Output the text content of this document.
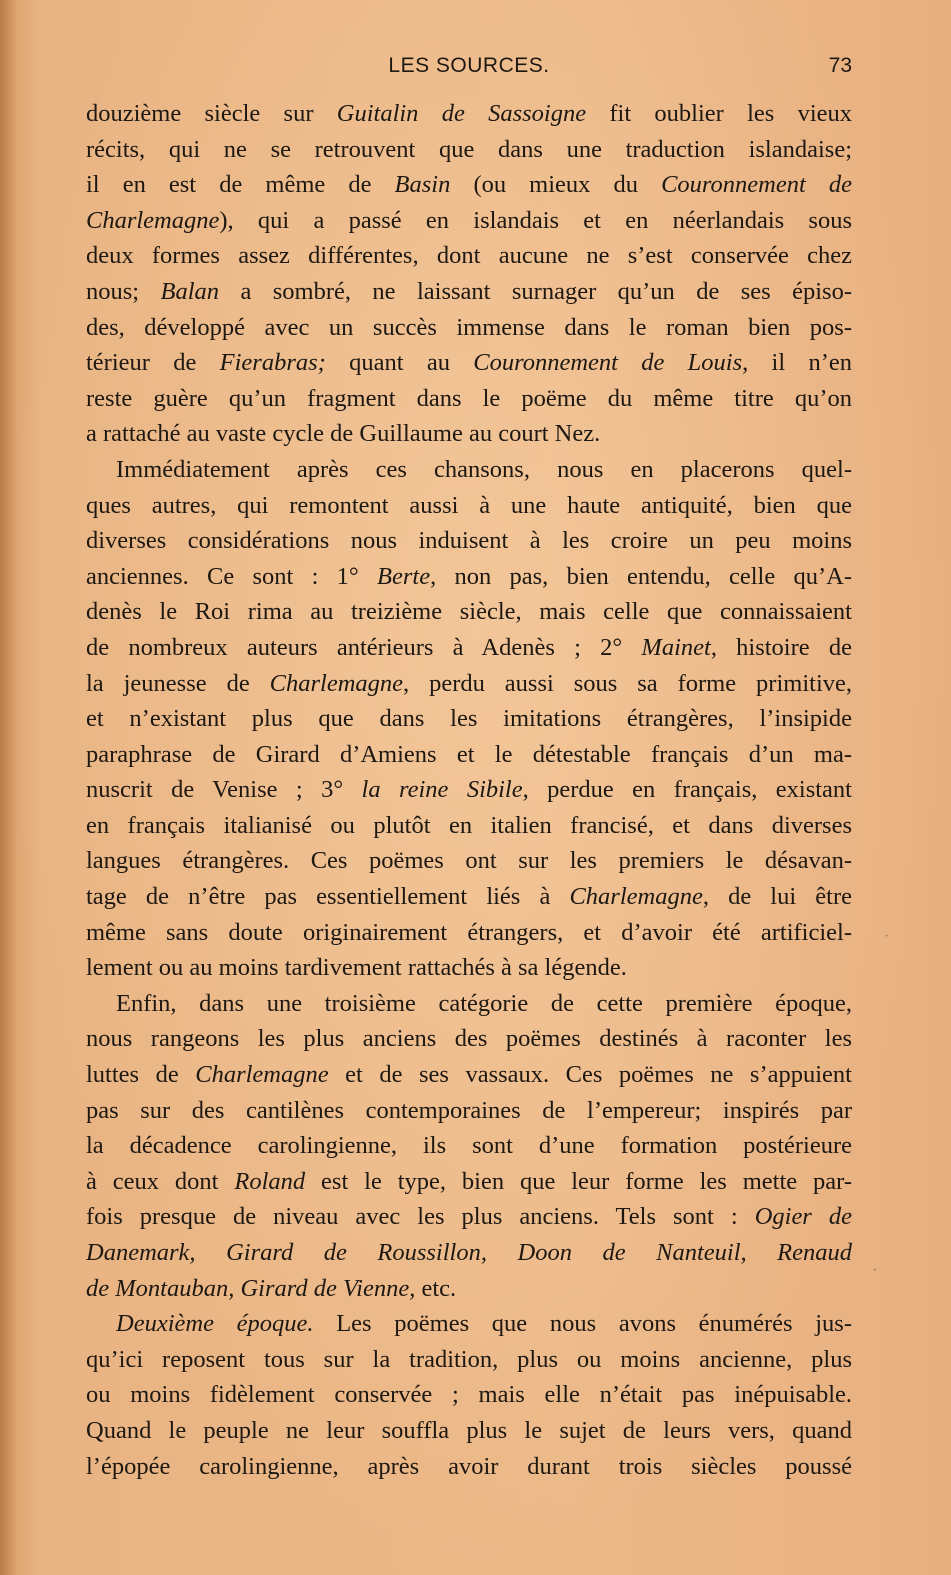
LES SOURCES.	73
douzième siècle sur Guitalin de Sassoigne fit oublier les vieux
récits, qui ne se retrouvent que dans une traduction islandaise;
il en est de même de Basin (ou mieux du Couronnement de
Charlemagne), qui a passé en islandais et en néerlandais sous
deux formes assez différentes, dont aucune ne s’est conservée chez
nous; Balan a sombré, ne laissant surnager qu’un de ses épiso-
des, développé avec un succès immense dans le roman bien pos-
térieur de Fierabras; quant au Couronnement de Louis, il n’en
reste guère qu’un fragment dans le poëme du même titre qu’on
a rattaché au vaste cycle de Guillaume au court Nez.
Immédiatement après ces chansons, nous en placerons quel-
ques autres, qui remontent aussi à une haute antiquité, bien que
diverses considérations nous induisent à les croire un peu moins
anciennes. Ce sont : 1° Berte, non pas, bien entendu, celle qu’A-
denès le Roi rima au treizième siècle, mais celle que connaissaient
de nombreux auteurs antérieurs à Adenès ; 2° Mainet, histoire de
la jeunesse de Charlemagne, perdu aussi sous sa forme primitive,
et n’existant plus que dans les imitations étrangères, l’insipide
paraphrase de Girard d’Amiens et le détestable français d’un ma-
nuscrit de Venise ; 3° la reine Sibile, perdue en français, existant
en français italianisé ou plutôt en italien francisé, et dans diverses
langues étrangères. Ces poëmes ont sur les premiers le désavan-
tage de n’être pas essentiellement liés à Charlemagne, de lui être
même sans doute originairement étrangers, et d’avoir été artificiel-
lement ou au moins tardivement rattachés à sa légende.
Enfin, dans une troisième catégorie de cette première époque,
nous rangeons les plus anciens des poëmes destinés à raconter les
luttes de Charlemagne et de ses vassaux. Ces poëmes ne s’appuient
pas sur des cantilènes contemporaines de l’empereur; inspirés par
la décadence carolingienne, ils sont d’une formation postérieure
à ceux dont Roland est le type, bien que leur forme les mette par-
fois presque de niveau avec les plus anciens. Tels sont : Ogier de
Danemark, Girard de Roussillon, Doon de Nanteuil, Renaud
de Montauban, Girard de Vienne, etc.
Deuxième époque. Les poëmes que nous avons énumérés jus-
qu’ici reposent tous sur la tradition, plus ou moins ancienne, plus
ou moins fidèlement conservée ; mais elle n’était pas inépuisable.
Quand le peuple ne leur souffla plus le sujet de leurs vers, quand
l’épopée carolingienne, après avoir durant trois siècles poussé
·
·
